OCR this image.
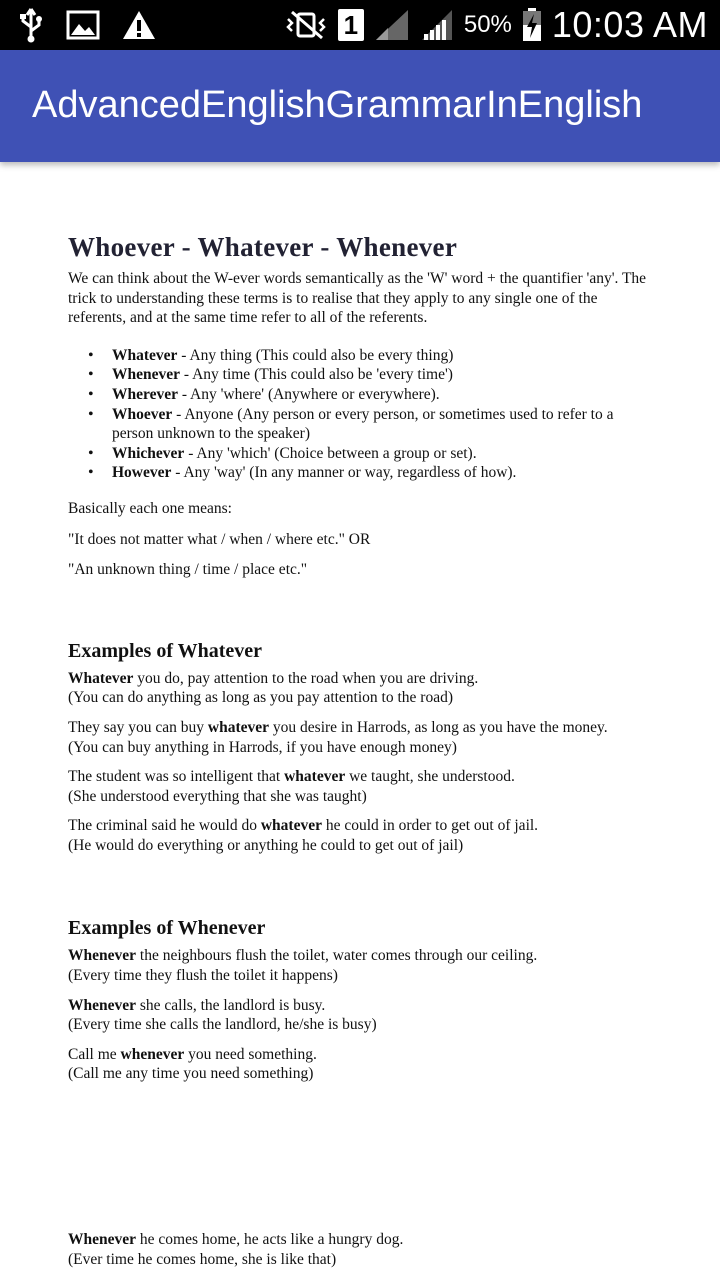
1	50% 10:03 AM
AdvancedEnglishGrammarInEnglish
Whoever - Whatever - Whenever

We can think about the W-ever words semantically as the 'W' word + the quantifier 'any'. The trick to understanding these terms is to realise that they apply to any single one of the referents, and at the same time refer to all of the referents.

• Whatever - Any thing (This could also be every thing)
• Whenever - Any time (This could also be 'every time')
• Wherever - Any 'where' (Anywhere or everywhere).
• Whoever - Anyone (Any person or every person, or sometimes used to refer to a person unknown to the speaker)
• Whichever - Any 'which' (Choice between a group or set).
• However - Any 'way' (In any manner or way, regardless of how).

Basically each one means:

"It does not matter what / when / where etc." OR

"An unknown thing / time / place etc."

Examples of Whatever

Whatever you do, pay attention to the road when you are driving.

(You can do anything as long as you pay attention to the road)

They say you can buy whatever you desire in Harrods, as long as you have the money.

(You can buy anything in Harrods, if you have enough money)

The student was so intelligent that whatever we taught, she understood.

(She understood everything that she was taught)

The criminal said he would do whatever he could in order to get out of jail.

(He would do everything or anything he could to get out of jail)

Examples of Whenever

Whenever the neighbours flush the toilet, water comes through our ceiling.

(Every time they flush the toilet it happens)

Whenever she calls, the landlord is busy.

(Every time she calls the landlord, he/she is busy)

Call me whenever you need something.

(Call me any time you need something)

Whenever he comes home, he acts like a hungry dog.

(Ever time he comes home, she is like that)
